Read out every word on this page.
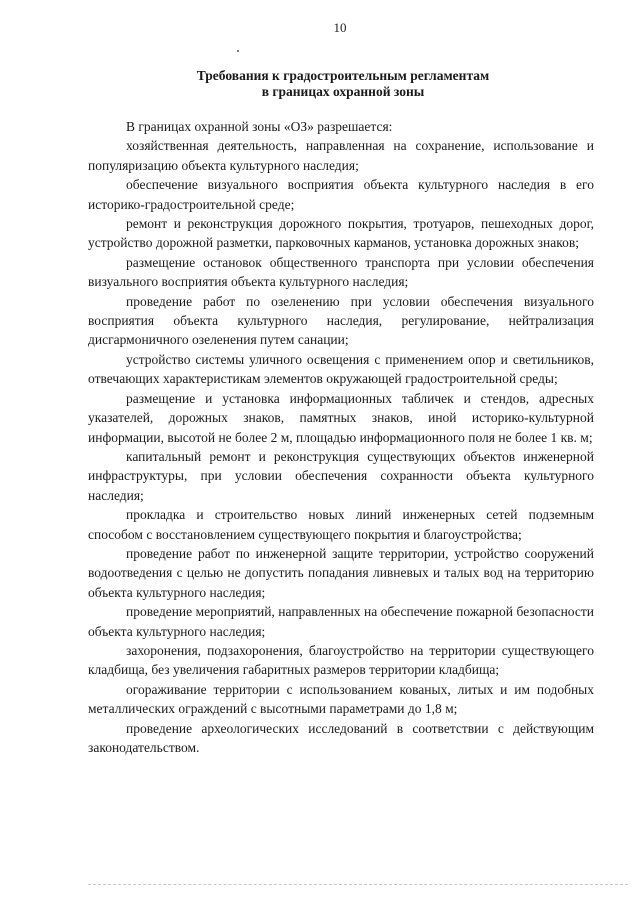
10
Требования к градостроительным регламентам
в границах охранной зоны

В границах охранной зоны «ОЗ» разрешается:

хозяйственная деятельность, направленная на сохранение, использование и популяризацию объекта культурного наследия;

обеспечение визуального восприятия объекта культурного наследия в его историко-градостроительной среде;

ремонт и реконструкция дорожного покрытия, тротуаров, пешеходных дорог, устройство дорожной разметки, парковочных карманов, установка дорожных знаков;

размещение остановок общественного транспорта при условии обеспечения визуального восприятия объекта культурного наследия;

проведение работ по озеленению при условии обеспечения визуального восприятия объекта культурного наследия, регулирование, нейтрализация дисгармоничного озеленения путем санации;

устройство системы уличного освещения с применением опор и светильников, отвечающих характеристикам элементов окружающей градостроительной среды;

размещение и установка информационных табличек и стендов, адресных указателей, дорожных знаков, памятных знаков, иной историко-культурной информации, высотой не более 2 м, площадью информационного поля не более 1 кв. м;

капитальный ремонт и реконструкция существующих объектов инженерной инфраструктуры, при условии обеспечения сохранности объекта культурного наследия;

прокладка и строительство новых линий инженерных сетей подземным способом с восстановлением существующего покрытия и благоустройства;

проведение работ по инженерной защите территории, устройство сооружений водоотведения с целью не допустить попадания ливневых и талых вод на территорию объекта культурного наследия;

проведение мероприятий, направленных на обеспечение пожарной безопасности объекта культурного наследия;

захоронения, подзахоронения, благоустройство на территории существующего кладбища, без увеличения габаритных размеров территории кладбища;

огораживание территории с использованием кованых, литых и им подобных металлических ограждений с высотными параметрами до 1,8 м;

проведение археологических исследований в соответствии с действующим законодательством.
